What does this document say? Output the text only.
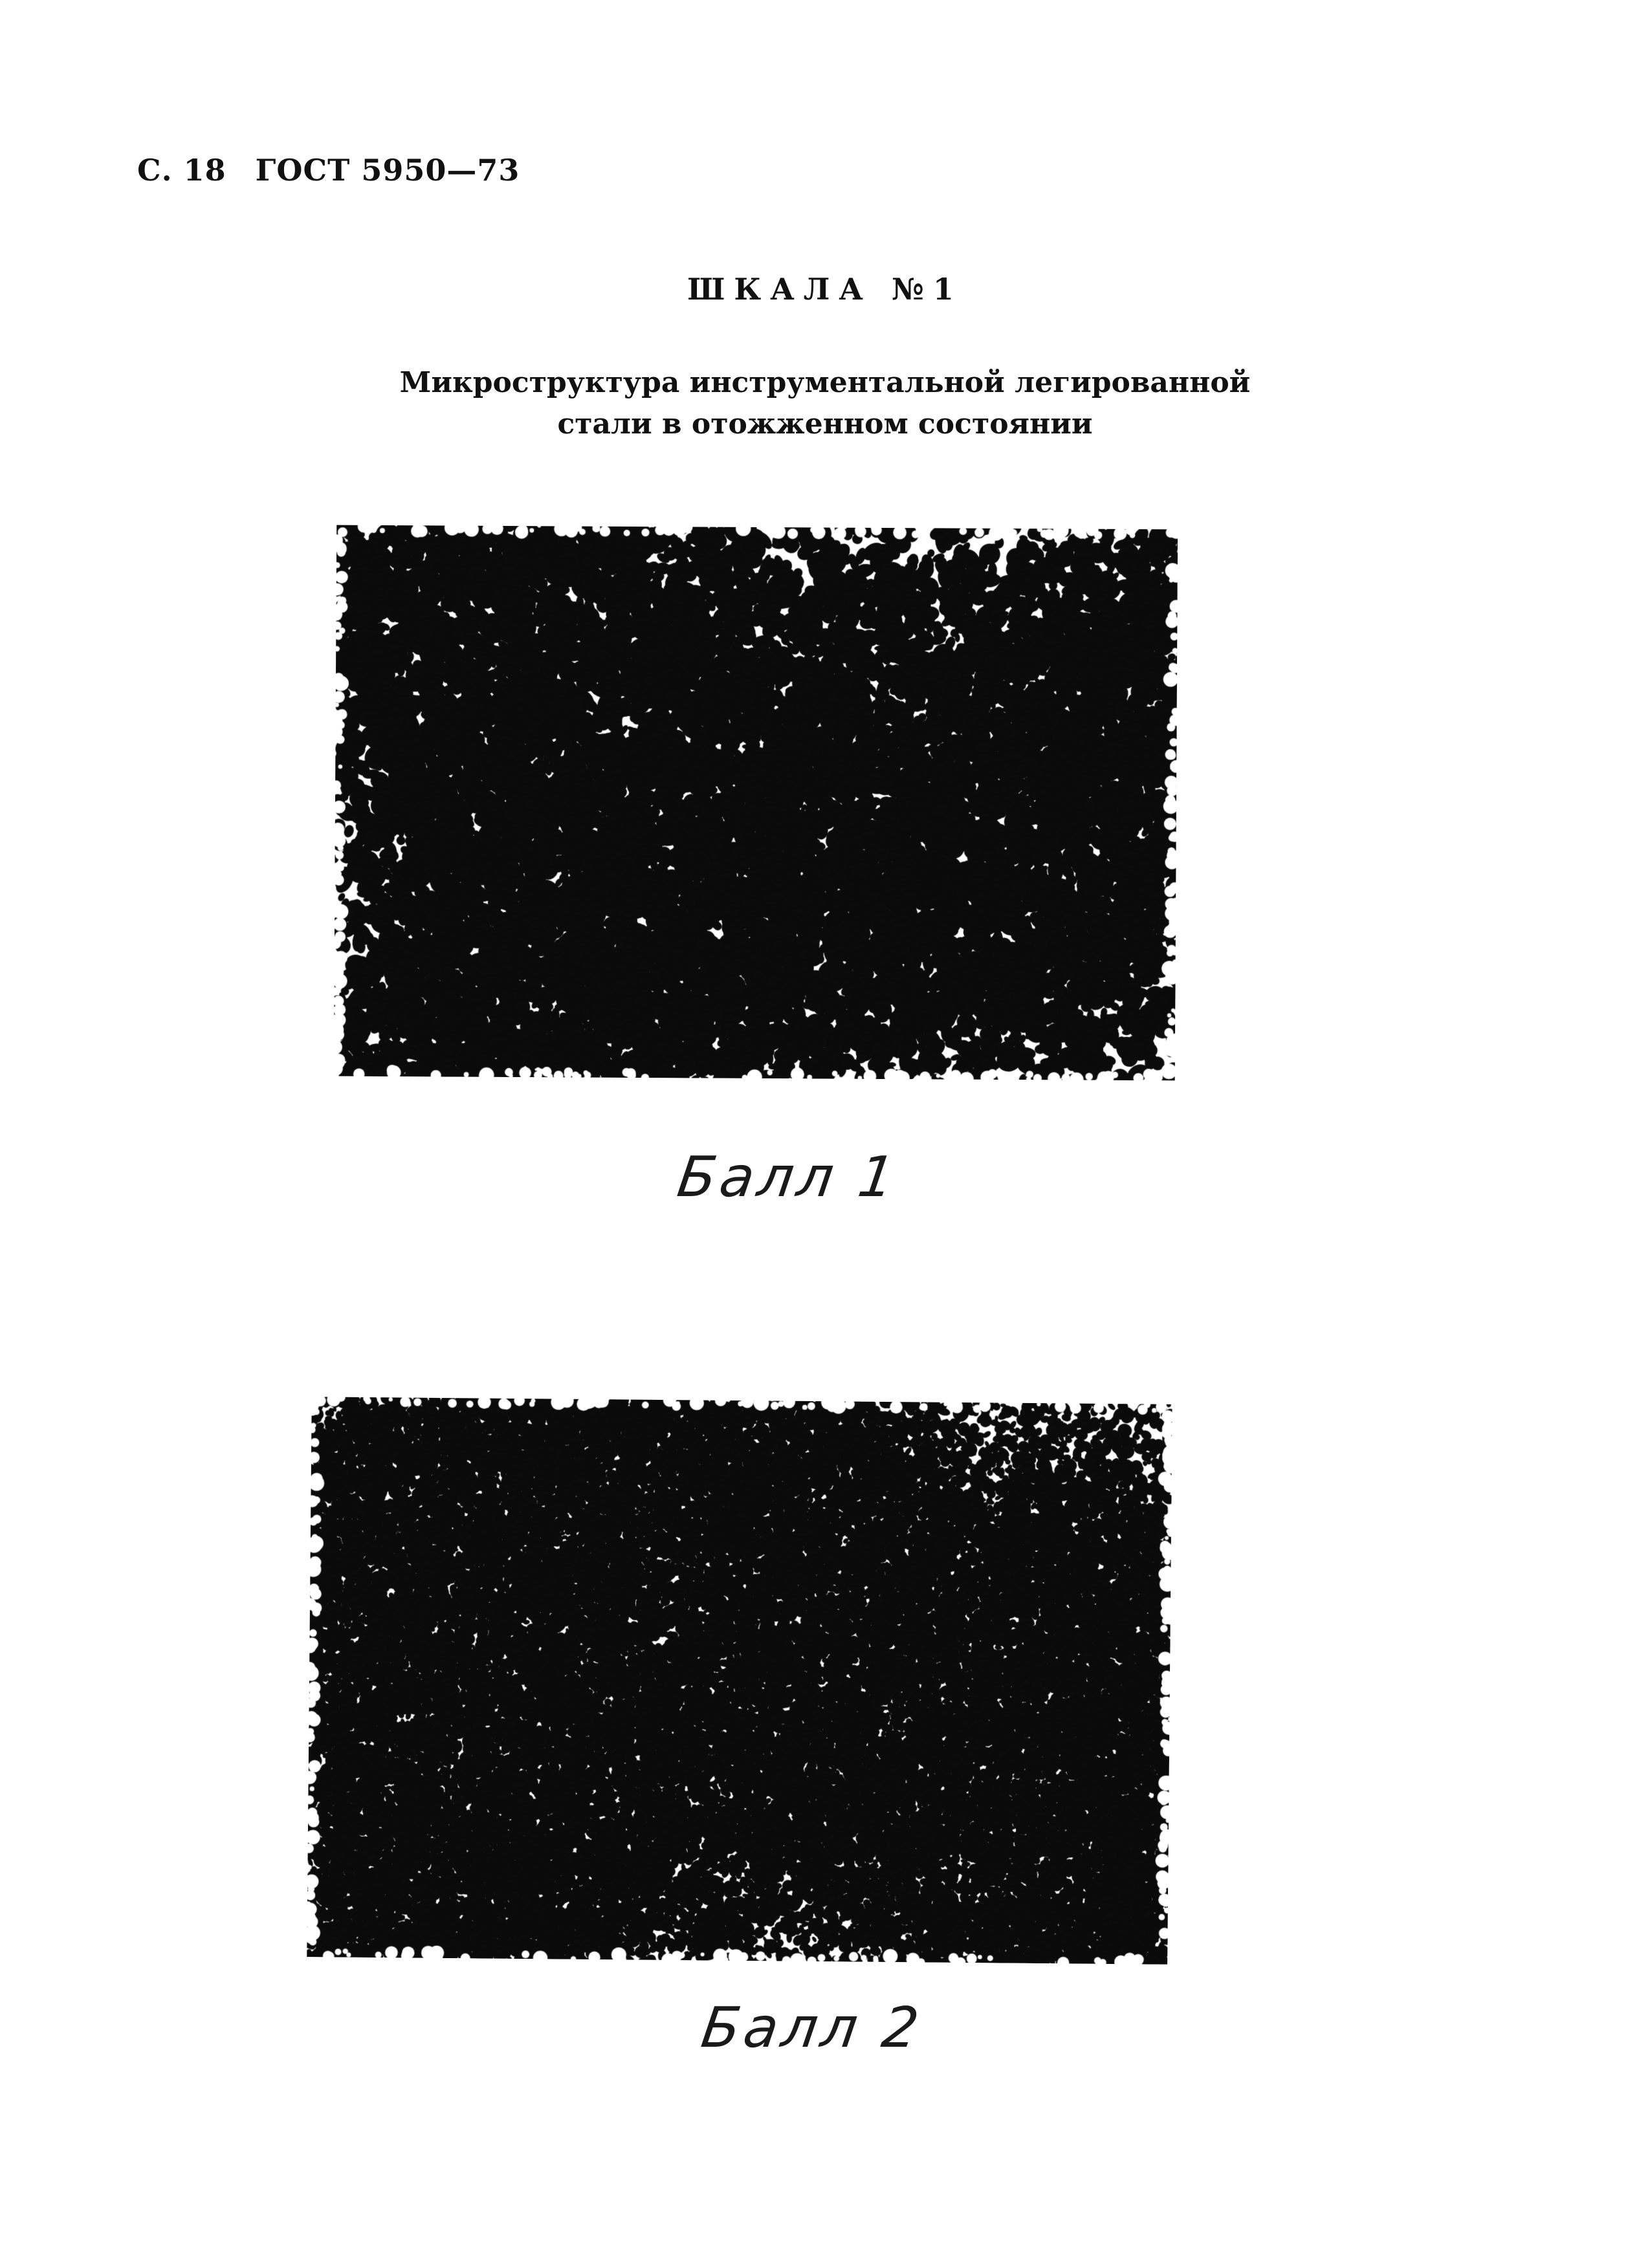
С. 18 ГОСТ 5950—73
ШКАЛА №1
Микроструктура инструментальной легированной
стали в отожженном состоянии
Балл 1
Балл 2
